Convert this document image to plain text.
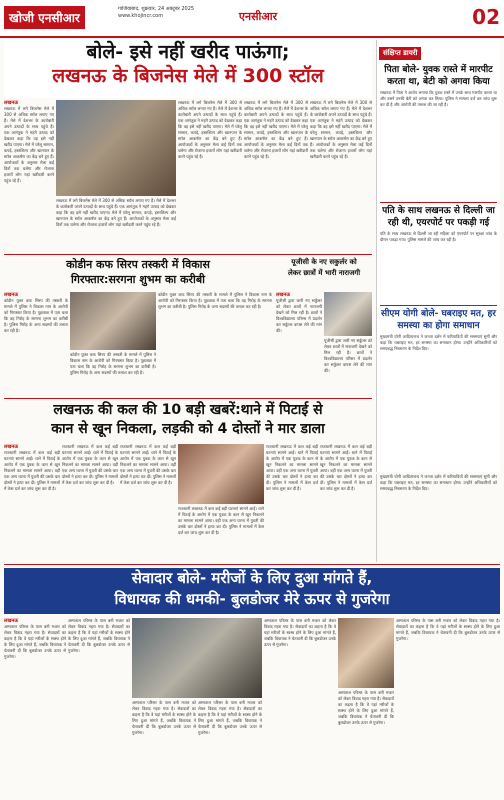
खोजी एनसीआर
गाजियाबाद, शुक्रवार, 24 अक्टूबर 2025
www.khojincr.com	एनसीआर	02
बोले- इसे नहीं खरीद पाऊंगा;
लखनऊ के बिजनेस मेले में 300 स्टॉल
लखनऊ

लखनऊ में लगे बिजनेस मेले में 300 से अधिक स्टॉल लगाए गए हैं। मेले में देशभर के कारोबारी अपने उत्पादों के साथ पहुंचे हैं। एक आगंतुक ने महंगे उत्पाद को देखकर कहा कि वह इसे नहीं खरीद पाएगा। मेले में घरेलू सामान, कपड़े, हस्तशिल्प और खानपान के स्टॉल आकर्षण का केंद्र बने हुए हैं। आयोजकों के अनुसार मेला कई दिनों तक चलेगा और रोजाना हजारों लोग यहां खरीदारी करने पहुंच रहे हैं।

लखनऊ में लगे बिजनेस मेले में 300 से अधिक स्टॉल लगाए गए हैं। मेले में देशभर के कारोबारी अपने उत्पादों के साथ पहुंचे हैं। एक आगंतुक ने महंगे उत्पाद को देखकर कहा कि वह इसे नहीं खरीद पाएगा। मेले में घरेलू सामान, कपड़े, हस्तशिल्प और खानपान के स्टॉल आकर्षण का केंद्र बने हुए हैं। आयोजकों के अनुसार मेला कई दिनों तक चलेगा और रोजाना हजारों लोग यहां खरीदारी करने पहुंच रहे हैं।

लखनऊ में लगे बिजनेस मेले में 300 से अधिक स्टॉल लगाए गए हैं। मेले में देशभर के कारोबारी अपने उत्पादों के साथ पहुंचे हैं। एक आगंतुक ने महंगे उत्पाद को देखकर कहा कि वह इसे नहीं खरीद पाएगा। मेले में घरेलू सामान, कपड़े, हस्तशिल्प और खानपान के स्टॉल आकर्षण का केंद्र बने हुए हैं। आयोजकों के अनुसार मेला कई दिनों तक चलेगा और रोजाना हजारों लोग यहां खरीदारी करने पहुंच रहे हैं।

लखनऊ में लगे बिजनेस मेले में 300 से अधिक स्टॉल लगाए गए हैं। मेले में देशभर के कारोबारी अपने उत्पादों के साथ पहुंचे हैं। एक आगंतुक ने महंगे उत्पाद को देखकर कहा कि वह इसे नहीं खरीद पाएगा। मेले में घरेलू सामान, कपड़े, हस्तशिल्प और खानपान के स्टॉल आकर्षण का केंद्र बने हुए हैं। आयोजकों के अनुसार मेला कई दिनों तक चलेगा और रोजाना हजारों लोग यहां खरीदारी करने पहुंच रहे हैं।

लखनऊ में लगे बिजनेस मेले में 300 से अधिक स्टॉल लगाए गए हैं। मेले में देशभर के कारोबारी अपने उत्पादों के साथ पहुंचे हैं। एक आगंतुक ने महंगे उत्पाद को देखकर कहा कि वह इसे नहीं खरीद पाएगा। मेले में घरेलू सामान, कपड़े, हस्तशिल्प और खानपान के स्टॉल आकर्षण का केंद्र बने हुए हैं। आयोजकों के अनुसार मेला कई दिनों तक चलेगा और रोजाना हजारों लोग यहां खरीदारी करने पहुंच रहे हैं।

कोडीन कफ सिरप तस्करी में विकास
गिरफ्तार:सरगना शुभम का करीबी
लखनऊ

कोडीन युक्त कफ सिरप की तस्करी के मामले में पुलिस ने विकास नाम के आरोपी को गिरफ्तार किया है। पूछताछ में पता चला कि वह गिरोह के सरगना शुभम का करीबी है। पुलिस गिरोह के अन्य सदस्यों की तलाश कर रही है।

कोडीन युक्त कफ सिरप की तस्करी के मामले में पुलिस ने विकास नाम के आरोपी को गिरफ्तार किया है। पूछताछ में पता चला कि वह गिरोह के सरगना शुभम का करीबी है। पुलिस गिरोह के अन्य सदस्यों की तलाश कर रही है।

कोडीन युक्त कफ सिरप की तस्करी के मामले में पुलिस ने विकास नाम के आरोपी को गिरफ्तार किया है। पूछताछ में पता चला कि वह गिरोह के सरगना शुभम का करीबी है। पुलिस गिरोह के अन्य सदस्यों की तलाश कर रही है।

यूजीसी के नए सकुर्लर को
लेकर छात्रों में भारी नाराजगी
लखनऊ

यूजीसी द्वारा जारी नए सर्कुलर को लेकर छात्रों में नाराजगी देखने को मिल रही है। छात्रों ने विश्वविद्यालय परिसर में प्रदर्शन कर सर्कुलर वापस लेने की मांग की।

यूजीसी द्वारा जारी नए सर्कुलर को लेकर छात्रों में नाराजगी देखने को मिल रही है। छात्रों ने विश्वविद्यालय परिसर में प्रदर्शन कर सर्कुलर वापस लेने की मांग की।

लखनऊ की कल की 10 बड़ी खबरें:थाने में पिटाई से
कान से खून निकला, लड़की को 4 दोस्तों ने मार डाला
लखनऊ

राजधानी लखनऊ में कल कई बड़ी घटनाएं सामने आईं। थाने में पिटाई के आरोप में एक युवक के कान से खून निकलने का मामला सामने आया। वहीं एक अन्य घटना में युवती की उसके चार दोस्तों ने हत्या कर दी। पुलिस ने मामलों में केस दर्ज कर जांच शुरू कर दी है।

राजधानी लखनऊ में कल कई बड़ी घटनाएं सामने आईं। थाने में पिटाई के आरोप में एक युवक के कान से खून निकलने का मामला सामने आया। वहीं एक अन्य घटना में युवती की उसके चार दोस्तों ने हत्या कर दी। पुलिस ने मामलों में केस दर्ज कर जांच शुरू कर दी है।

राजधानी लखनऊ में कल कई बड़ी घटनाएं सामने आईं। थाने में पिटाई के आरोप में एक युवक के कान से खून निकलने का मामला सामने आया। वहीं एक अन्य घटना में युवती की उसके चार दोस्तों ने हत्या कर दी। पुलिस ने मामलों में केस दर्ज कर जांच शुरू कर दी है।

राजधानी लखनऊ में कल कई बड़ी घटनाएं सामने आईं। थाने में पिटाई के आरोप में एक युवक के कान से खून निकलने का मामला सामने आया। वहीं एक अन्य घटना में युवती की उसके चार दोस्तों ने हत्या कर दी। पुलिस ने मामलों में केस दर्ज कर जांच शुरू कर दी है।

राजधानी लखनऊ में कल कई बड़ी घटनाएं सामने आईं। थाने में पिटाई के आरोप में एक युवक के कान से खून निकलने का मामला सामने आया। वहीं एक अन्य घटना में युवती की उसके चार दोस्तों ने हत्या कर दी। पुलिस ने मामलों में केस दर्ज कर जांच शुरू कर दी है।

राजधानी लखनऊ में कल कई बड़ी घटनाएं सामने आईं। थाने में पिटाई के आरोप में एक युवक के कान से खून निकलने का मामला सामने आया। वहीं एक अन्य घटना में युवती की उसके चार दोस्तों ने हत्या कर दी। पुलिस ने मामलों में केस दर्ज कर जांच शुरू कर दी है।

संक्षिप्त डायरी
पिता बोले- युवक रास्ते में मारपीट करता था, बेटी को अगवा किया
लखनऊ में पिता ने आरोप लगाया कि युवक रास्ते में उनके साथ मारपीट करता था और उसने उनकी बेटी को अगवा कर लिया। पुलिस ने मामला दर्ज कर जांच शुरू कर दी है और आरोपी की तलाश की जा रही है।
पति के साथ लखनऊ से दिल्ली जा रही थी, एयरपोर्ट पर पकड़ी गई
पति के साथ लखनऊ से दिल्ली जा रही महिला को एयरपोर्ट पर सुरक्षा जांच के दौरान पकड़ा गया। पुलिस मामले की जांच कर रही है।
सीएम योगी बोले- घबराइए मत, हर समस्या का होगा समाधान
मुख्यमंत्री योगी आदित्यनाथ ने जनता दर्शन में फरियादियों की समस्याएं सुनीं और कहा कि घबराइए मत, हर समस्या का समाधान होगा। उन्होंने अधिकारियों को समयबद्ध निस्तारण के निर्देश दिए।

मुख्यमंत्री योगी आदित्यनाथ ने जनता दर्शन में फरियादियों की समस्याएं सुनीं और कहा कि घबराइए मत, हर समस्या का समाधान होगा। उन्होंने अधिकारियों को समयबद्ध निस्तारण के निर्देश दिए।

सेवादार बोले- मरीजों के लिए दुआ मांगते हैं,
विधायक की धमकी- बुलडोजर मेरे ऊपर से गुजरेगा
लखनऊ

अस्पताल परिसर के पास बनी मजार को लेकर विवाद गहरा गया है। सेवादारों का कहना है कि वे यहां मरीजों के स्वस्थ होने के लिए दुआ मांगते हैं, जबकि विधायक ने चेतावनी दी कि बुलडोजर उनके ऊपर से गुजरेगा।

अस्पताल परिसर के पास बनी मजार को लेकर विवाद गहरा गया है। सेवादारों का कहना है कि वे यहां मरीजों के स्वस्थ होने के लिए दुआ मांगते हैं, जबकि विधायक ने चेतावनी दी कि बुलडोजर उनके ऊपर से गुजरेगा।

अस्पताल परिसर के पास बनी मजार को लेकर विवाद गहरा गया है। सेवादारों का कहना है कि वे यहां मरीजों के स्वस्थ होने के लिए दुआ मांगते हैं, जबकि विधायक ने चेतावनी दी कि बुलडोजर उनके ऊपर से गुजरेगा।

अस्पताल परिसर के पास बनी मजार को लेकर विवाद गहरा गया है। सेवादारों का कहना है कि वे यहां मरीजों के स्वस्थ होने के लिए दुआ मांगते हैं, जबकि विधायक ने चेतावनी दी कि बुलडोजर उनके ऊपर से गुजरेगा।

अस्पताल परिसर के पास बनी मजार को लेकर विवाद गहरा गया है। सेवादारों का कहना है कि वे यहां मरीजों के स्वस्थ होने के लिए दुआ मांगते हैं, जबकि विधायक ने चेतावनी दी कि बुलडोजर उनके ऊपर से गुजरेगा।

अस्पताल परिसर के पास बनी मजार को लेकर विवाद गहरा गया है। सेवादारों का कहना है कि वे यहां मरीजों के स्वस्थ होने के लिए दुआ मांगते हैं, जबकि विधायक ने चेतावनी दी कि बुलडोजर उनके ऊपर से गुजरेगा।

अस्पताल परिसर के पास बनी मजार को लेकर विवाद गहरा गया है। सेवादारों का कहना है कि वे यहां मरीजों के स्वस्थ होने के लिए दुआ मांगते हैं, जबकि विधायक ने चेतावनी दी कि बुलडोजर उनके ऊपर से गुजरेगा।
